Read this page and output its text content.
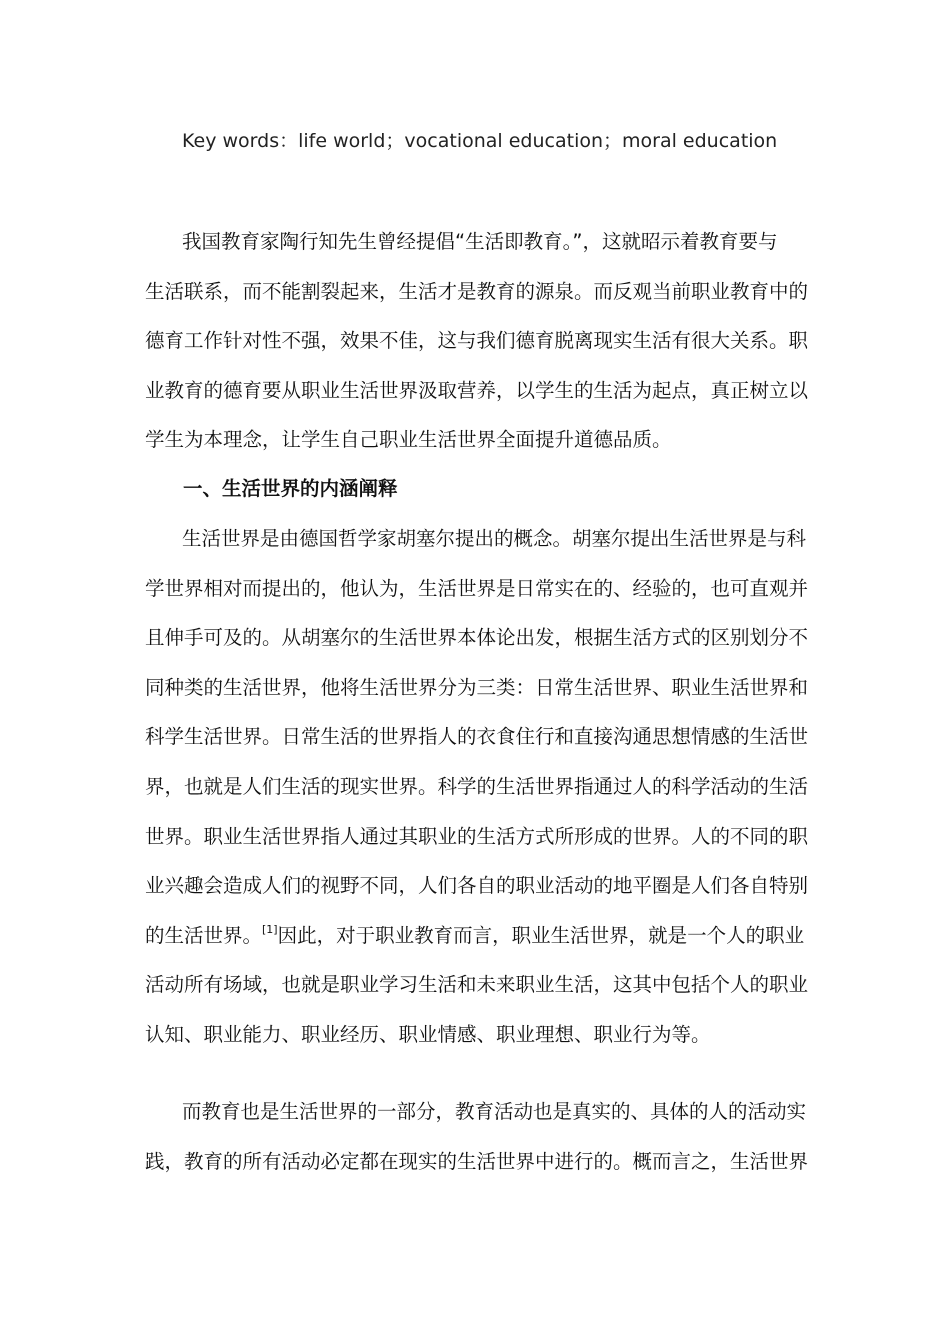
Key words：life world；vocational education；moral education
我国教育家陶行知先生曾经提倡“生活即教育。”，这就昭示着教育要与
生活联系，而不能割裂起来，生活才是教育的源泉。而反观当前职业教育中的
德育工作针对性不强，效果不佳，这与我们德育脱离现实生活有很大关系。职
业教育的德育要从职业生活世界汲取营养，以学生的生活为起点，真正树立以
学生为本理念，让学生自己职业生活世界全面提升道德品质。
一、生活世界的内涵阐释
生活世界是由德国哲学家胡塞尔提出的概念。胡塞尔提出生活世界是与科
学世界相对而提出的，他认为，生活世界是日常实在的、经验的，也可直观并
且伸手可及的。从胡塞尔的生活世界本体论出发，根据生活方式的区别划分不
同种类的生活世界，他将生活世界分为三类：日常生活世界、职业生活世界和
科学生活世界。日常生活的世界指人的衣食住行和直接沟通思想情感的生活世
界，也就是人们生活的现实世界。科学的生活世界指通过人的科学活动的生活
世界。职业生活世界指人通过其职业的生活方式所形成的世界。人的不同的职
业兴趣会造成人们的视野不同，人们各自的职业活动的地平圈是人们各自特别
的生活世界。[1]因此，对于职业教育而言，职业生活世界，就是一个人的职业
活动所有场域，也就是职业学习生活和未来职业生活，这其中包括个人的职业
认知、职业能力、职业经历、职业情感、职业理想、职业行为等。
而教育也是生活世界的一部分，教育活动也是真实的、具体的人的活动实
践，教育的所有活动必定都在现实的生活世界中进行的。概而言之，生活世界
